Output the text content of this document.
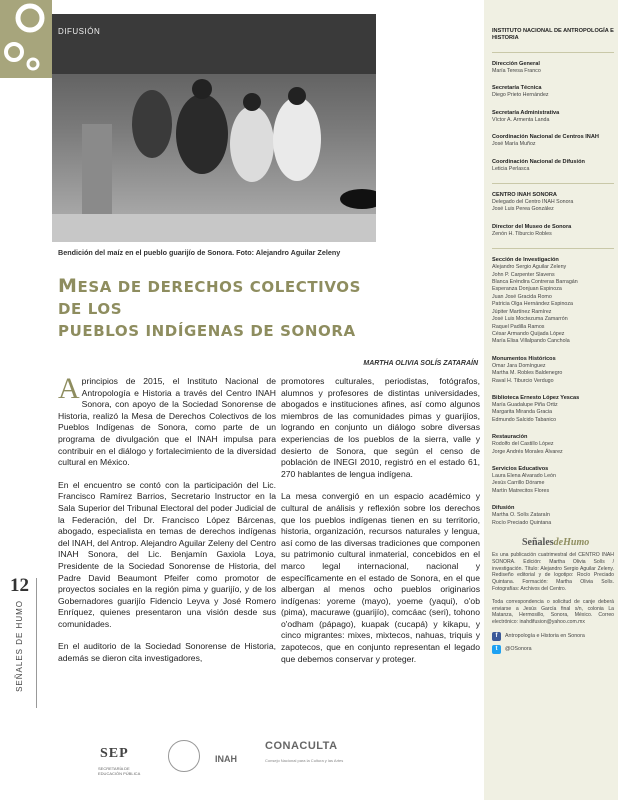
DIFUSIÓN
Bendición del maíz en el pueblo guarijío de Sonora. Foto: Alejandro Aguilar Zeleny
MESA DE DERECHOS COLECTIVOS DE LOS
PUEBLOS INDÍGENAS DE SONORA
MARTHA OLIVIA SOLÍS ZATARAÍN

Aprincipios de 2015, el Instituto Nacional de Antropología e Historia a través del Centro INAH Sonora, con apoyo de la Sociedad Sonorense de Historia, realizó la Mesa de Derechos Colectivos de los Pueblos Indígenas de Sonora, como parte de un programa de divulgación que el INAH impulsa para contribuir en el diálogo y fortalecimiento de la diversidad cultural en México.

En el encuentro se contó con la participación del Lic. Francisco Ramírez Barrios, Secretario Instructor en la Sala Superior del Tribunal Electoral del poder Judicial de la Federación, del Dr. Francisco López Bárcenas, abogado, especialista en temas de derechos indígenas del INAH, del Antrop. Alejandro Aguilar Zeleny del Centro INAH Sonora, del Lic. Benjamín Gaxiola Loya, Presidente de la Sociedad Sonorense de Historia, del Padre David Beaumont Pfeifer como promotor de proyectos sociales en la región pima y guarijío, y de los Gobernadores guarijío Fidencio Leyva y José Romero Enríquez, quienes presentaron una visión desde sus comunidades.

En el auditorio de la Sociedad Sonorense de Historia, además se dieron cita investigadores,

promotores culturales, periodistas, fotógrafos, alumnos y profesores de distintas universidades, abogados e instituciones afines, así como algunos miembros de las comunidades pimas y guarijíos, logrando en conjunto un diálogo sobre diversas experiencias de los pueblos de la sierra, valle y desierto de Sonora, que según el censo de población de INEGI 2010, registró en el estado 61, 270 hablantes de lengua indígena.

La mesa convergió en un espacio académico y cultural de análisis y reflexión sobre los derechos que los pueblos indígenas tienen en su territorio, historia, organización, recursos naturales y lengua, así como de las diversas tradiciones que componen su patrimonio cultural inmaterial, concebidos en el marco legal internacional, nacional y específicamente en el estado de Sonora, en el que albergan al menos ocho pueblos originarios indígenas: yoreme (mayo), yoeme (yaqui), o'ob (pima), macurawe (guarijío), comcáac (seri), tohono o'odham (pápago), kuapak (cucapá) y kikapu, y cinco migrantes: mixes, mixtecos, nahuas, triquis y zapotecos, que en conjunto representan el legado que debemos conservar y proteger.

12
SEÑALES DE HUMO
INSTITUTO NACIONAL DE ANTROPOLOGÍA E HISTORIA
Dirección General
María Teresa Franco
Secretaría Técnica
Diego Prieto Hernández
Secretaría Administrativa
Víctor A. Armenta Landa
Coordinación Nacional de Centros INAH
José María Muñoz
Coordinación Nacional de Difusión
Leticia Perlasca
CENTRO INAH SONORA
Delegado del Centro INAH Sonora
José Luis Perea González
Director del Museo de Sonora
Zenón H. Tiburcio Robles
Sección de Investigación
Alejandro Sergio Aguilar Zeleny
John P. Carpenter Slavens
Blanca Eréndira Contreras Barragán
Esperanza Donjuan Espinoza
Juan José Gracida Romo
Patricia Olga Hernández Espinoza
Júpiter Martínez Ramírez
José Luis Moctezuma Zamarrón
Raquel Padilla Ramos
César Armando Quijada López
María Elisa Villalpando Canchola
Monumentos Históricos
Omar Jara Domínguez
Martha M. Robles Baldenegro
Raval H. Tiburcio Verdugo
Biblioteca Ernesto López Yescas
María Guadalupe Piña Ortiz
Margarita Miranda Gracia
Edmundo Salcido Tabanico
Restauración
Rodolfo del Castillo López
Jorge Andrés Morales Álvarez
Servicios Educativos
Laura Elena Alvarado León
Jesús Carrillo Dórame
Martín Matrecitos Flores
Difusión
Martha O. Solís Zataraín
Rocío Preciado Quintana
SeñalesdeHumo
Es una publicación cuatrimestral del CENTRO INAH SONORA. Edición: Martha Olivia Solís / investigación. Título: Alejandro Sergio Aguilar Zeleny. Rediseño editorial y de logotipo: Rocío Preciado Quintana. Formación: Martha Olivia Solís. Fotografías: Archivos del Centro.
Toda correspondencia o solicitud de canje deberá enviarse a Jesús García final s/n, colonia La Matanza, Hermosillo, Sonora, México. Correo electrónico: inahdifusion@yahoo.com.mx
f	Antropología e Historia en Sonora
t	@OSonora
SEP
SECRETARÍA DE EDUCACIÓN PÚBLICA
INAH
CONACULTA
Consejo Nacional para la Cultura y las Artes
